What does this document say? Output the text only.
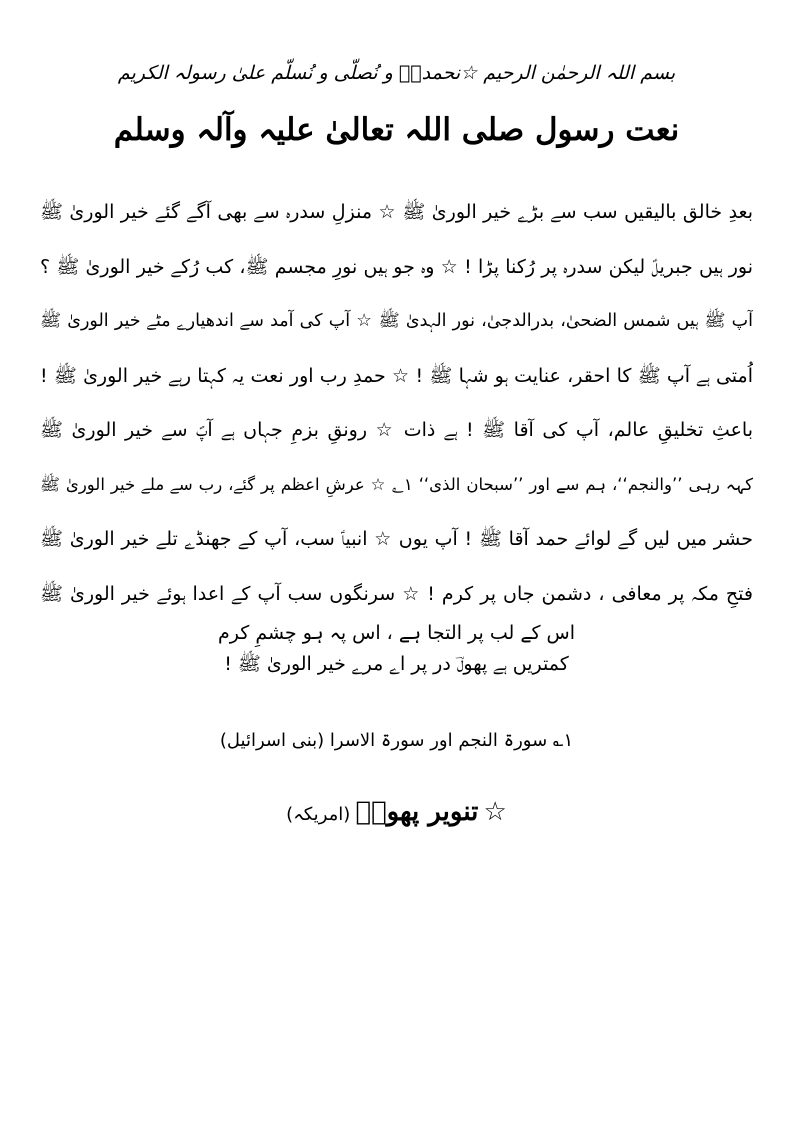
بسم اللہ الرحمٰن الرحیم ☆نحمدہٗ و نُصلّی و نُسلّم علیٰ رسولہ الکریم
نعت رسول صلی اللہ تعالیٰ علیہ وآلہ وسلم
بعدِ خالق بالیقیں سب سے بڑے خیر الوریٰ ﷺ ☆ منزلِ سدرہ سے بھی آگے گئے خیر الوریٰ ﷺ
نور ہیں جبریلؑ لیکن سدرہ پر رُکنا پڑا ! ☆ وہ جو ہیں نورِ مجسم ﷺ، کب رُکے خیر الوریٰ ﷺ ؟
آپ ﷺ ہیں شمس الضحیٰ، بدرالدجیٰ، نور الہدیٰ ﷺ ☆ آپ کی آمد سے اندھیارے مٹے خیر الوریٰ ﷺ
اُمتی ہے آپ ﷺ کا احقر، عنایت ہو شہا ﷺ ! ☆ حمدِ رب اور نعت یہ کہتا رہے خیر الوریٰ ﷺ !
باعثِ تخلیقِ عالم، آپ کی آقا ﷺ ! ہے ذات ☆ رونقِ بزمِ جہاں ہے آپؐ سے خیر الوریٰ ﷺ
کہہ رہی ’’والنجم‘‘، ہم سے اور ’’سبحان الذی‘‘ ١؎ ☆ عرشِ اعظم پر گئے، رب سے ملے خیر الوریٰ ﷺ
حشر میں لیں گے لوائے حمد آقا ﷺ ! آپ یوں ☆ انبیاؑ سب، آپ کے جھنڈے تلے خیر الوریٰ ﷺ
فتحِ مکہ پر معافی ، دشمن جاں پر کرم ! ☆ سرنگوں سب آپ کے اعدا ہوئے خیر الوریٰ ﷺ
اس کے لب پر التجا ہے ، اس پہ ہو چشمِ کرم
کمتریں ہے پھولؔ در پر اے مرے خیر الوریٰ ﷺ !
١؎ سورۃ النجم اور سورۃ الاسرا (بنی اسرائیل)
☆ تنویر پھولؔ (امریکہ)
